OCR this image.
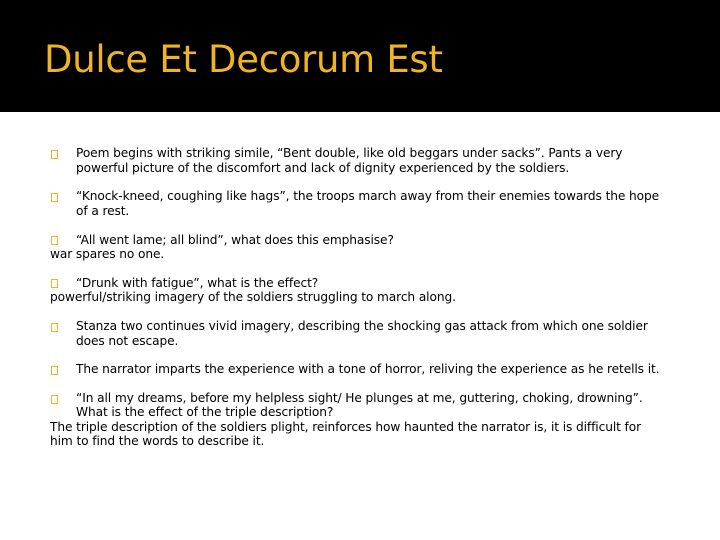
Dulce Et Decorum Est
Poem begins with striking simile, “Bent double, like old beggars under sacks”. Pants a very
powerful picture of the discomfort and lack of dignity experienced by the soldiers.
“Knock-kneed, coughing like hags”, the troops march away from their enemies towards the hope
of a rest.
“All went lame; all blind”, what does this emphasise?
war spares no one.
“Drunk with fatigue”, what is the effect?
powerful/striking imagery of the soldiers struggling to march along.
Stanza two continues vivid imagery, describing the shocking gas attack from which one soldier
does not escape.
The narrator imparts the experience with a tone of horror, reliving the experience as he retells it.
“In all my dreams, before my helpless sight/ He plunges at me, guttering, choking, drowning”.
What is the effect of the triple description?
The triple description of the soldiers plight, reinforces how haunted the narrator is, it is difficult for
him to find the words to describe it.
